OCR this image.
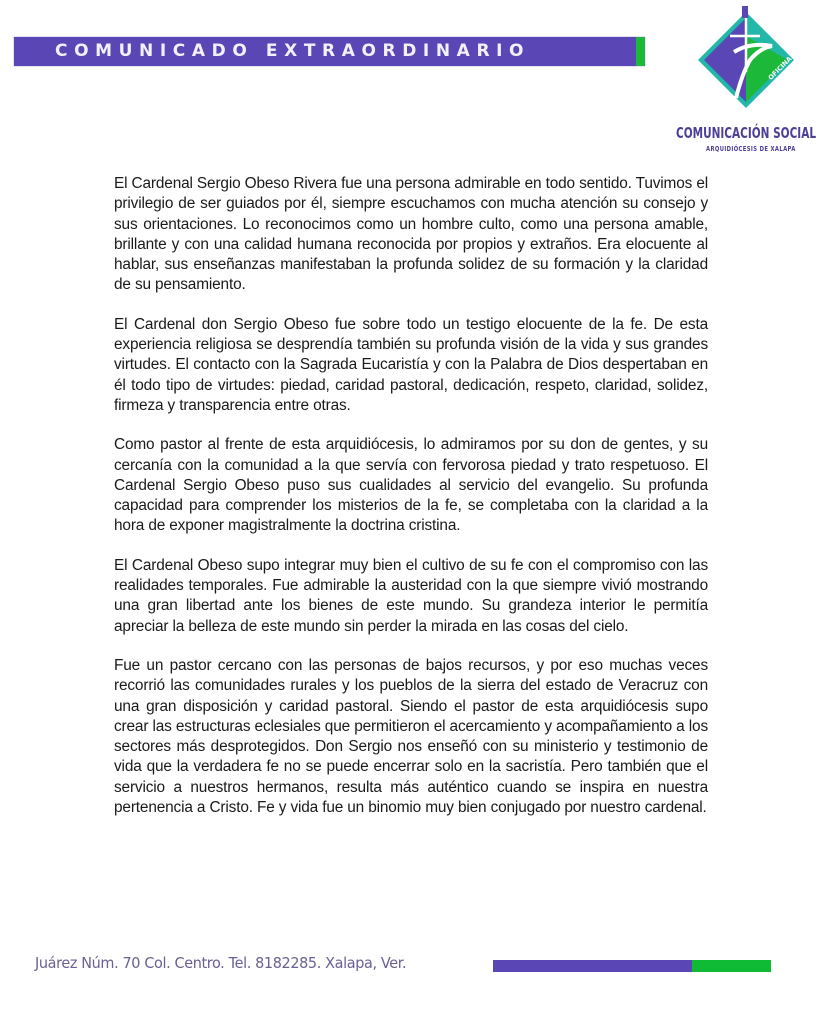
COMUNICADO EXTRAORDINARIO	OFICINA DE
COMUNICACIÓN SOCIAL
ARQUIDIÓCESIS DE XALAPA

El Cardenal Sergio Obeso Rivera fue una persona admirable en todo sentido. Tuvimos el privilegio de ser guiados por él, siempre escuchamos con mucha atención su consejo y sus orientaciones. Lo reconocimos como un hombre culto, como una persona amable, brillante y con una calidad humana reconocida por propios y extraños. Era elocuente al hablar, sus enseñanzas manifestaban la profunda solidez de su formación y la claridad de su pensamiento.

El Cardenal don Sergio Obeso fue sobre todo un testigo elocuente de la fe. De esta experiencia religiosa se desprendía también su profunda visión de la vida y sus grandes virtudes. El contacto con la Sagrada Eucaristía y con la Palabra de Dios despertaban en él todo tipo de virtudes: piedad, caridad pastoral, dedicación, respeto, claridad, solidez, firmeza y transparencia entre otras.

Como pastor al frente de esta arquidiócesis, lo admiramos por su don de gentes, y su cercanía con la comunidad a la que servía con fervorosa piedad y trato respetuoso. El Cardenal Sergio Obeso puso sus cualidades al servicio del evangelio. Su profunda capacidad para comprender los misterios de la fe, se completaba con la claridad a la hora de exponer magistralmente la doctrina cristina.

El Cardenal Obeso supo integrar muy bien el cultivo de su fe con el compromiso con las realidades temporales. Fue admirable la austeridad con la que siempre vivió mostrando una gran libertad ante los bienes de este mundo. Su grandeza interior le permitía apreciar la belleza de este mundo sin perder la mirada en las cosas del cielo.

Fue un pastor cercano con las personas de bajos recursos, y por eso muchas veces recorrió las comunidades rurales y los pueblos de la sierra del estado de Veracruz con una gran disposición y caridad pastoral. Siendo el pastor de esta arquidiócesis supo crear las estructuras eclesiales que permitieron el acercamiento y acompañamiento a los sectores más desprotegidos. Don Sergio nos enseñó con su ministerio y testimonio de vida que la verdadera fe no se puede encerrar solo en la sacristía. Pero también que el servicio a nuestros hermanos, resulta más auténtico cuando se inspira en nuestra pertenencia a Cristo. Fe y vida fue un binomio muy bien conjugado por nuestro cardenal.

Juárez Núm. 70 Col. Centro. Tel. 8182285. Xalapa, Ver.
